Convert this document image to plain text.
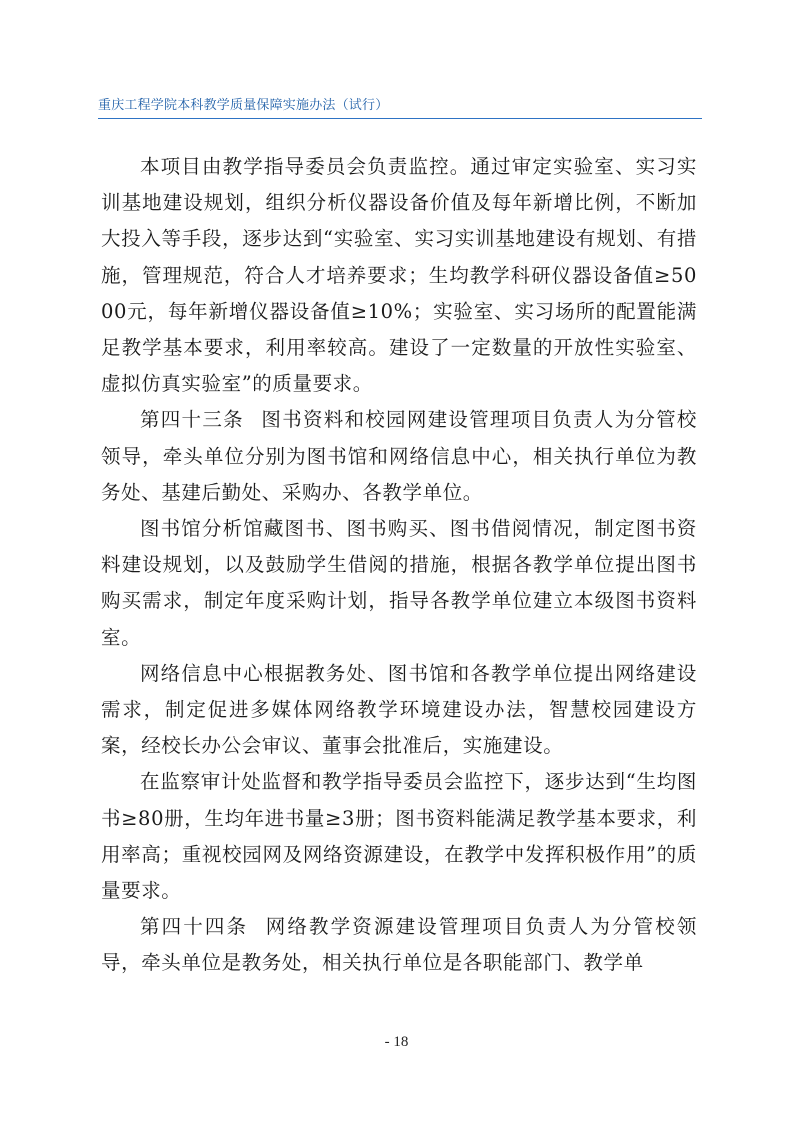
重庆工程学院本科教学质量保障实施办法（试行）

本项目由教学指导委员会负责监控。通过审定实验室、实习实训基地建设规划，组织分析仪器设备价值及每年新增比例，不断加大投入等手段，逐步达到“实验室、实习实训基地建设有规划、有措施，管理规范，符合人才培养要求；生均教学科研仪器设备值≥5000元，每年新增仪器设备值≥10%；实验室、实习场所的配置能满足教学基本要求，利用率较高。建设了一定数量的开放性实验室、虚拟仿真实验室”的质量要求。

第四十三条 图书资料和校园网建设管理项目负责人为分管校领导，牵头单位分别为图书馆和网络信息中心，相关执行单位为教务处、基建后勤处、采购办、各教学单位。

图书馆分析馆藏图书、图书购买、图书借阅情况，制定图书资料建设规划，以及鼓励学生借阅的措施，根据各教学单位提出图书购买需求，制定年度采购计划，指导各教学单位建立本级图书资料室。

网络信息中心根据教务处、图书馆和各教学单位提出网络建设需求，制定促进多媒体网络教学环境建设办法，智慧校园建设方案，经校长办公会审议、董事会批准后，实施建设。

在监察审计处监督和教学指导委员会监控下，逐步达到“生均图书≥80册，生均年进书量≥3册；图书资料能满足教学基本要求，利用率高；重视校园网及网络资源建设，在教学中发挥积极作用”的质量要求。

第四十四条 网络教学资源建设管理项目负责人为分管校领导，牵头单位是教务处，相关执行单位是各职能部门、教学单

- 18
